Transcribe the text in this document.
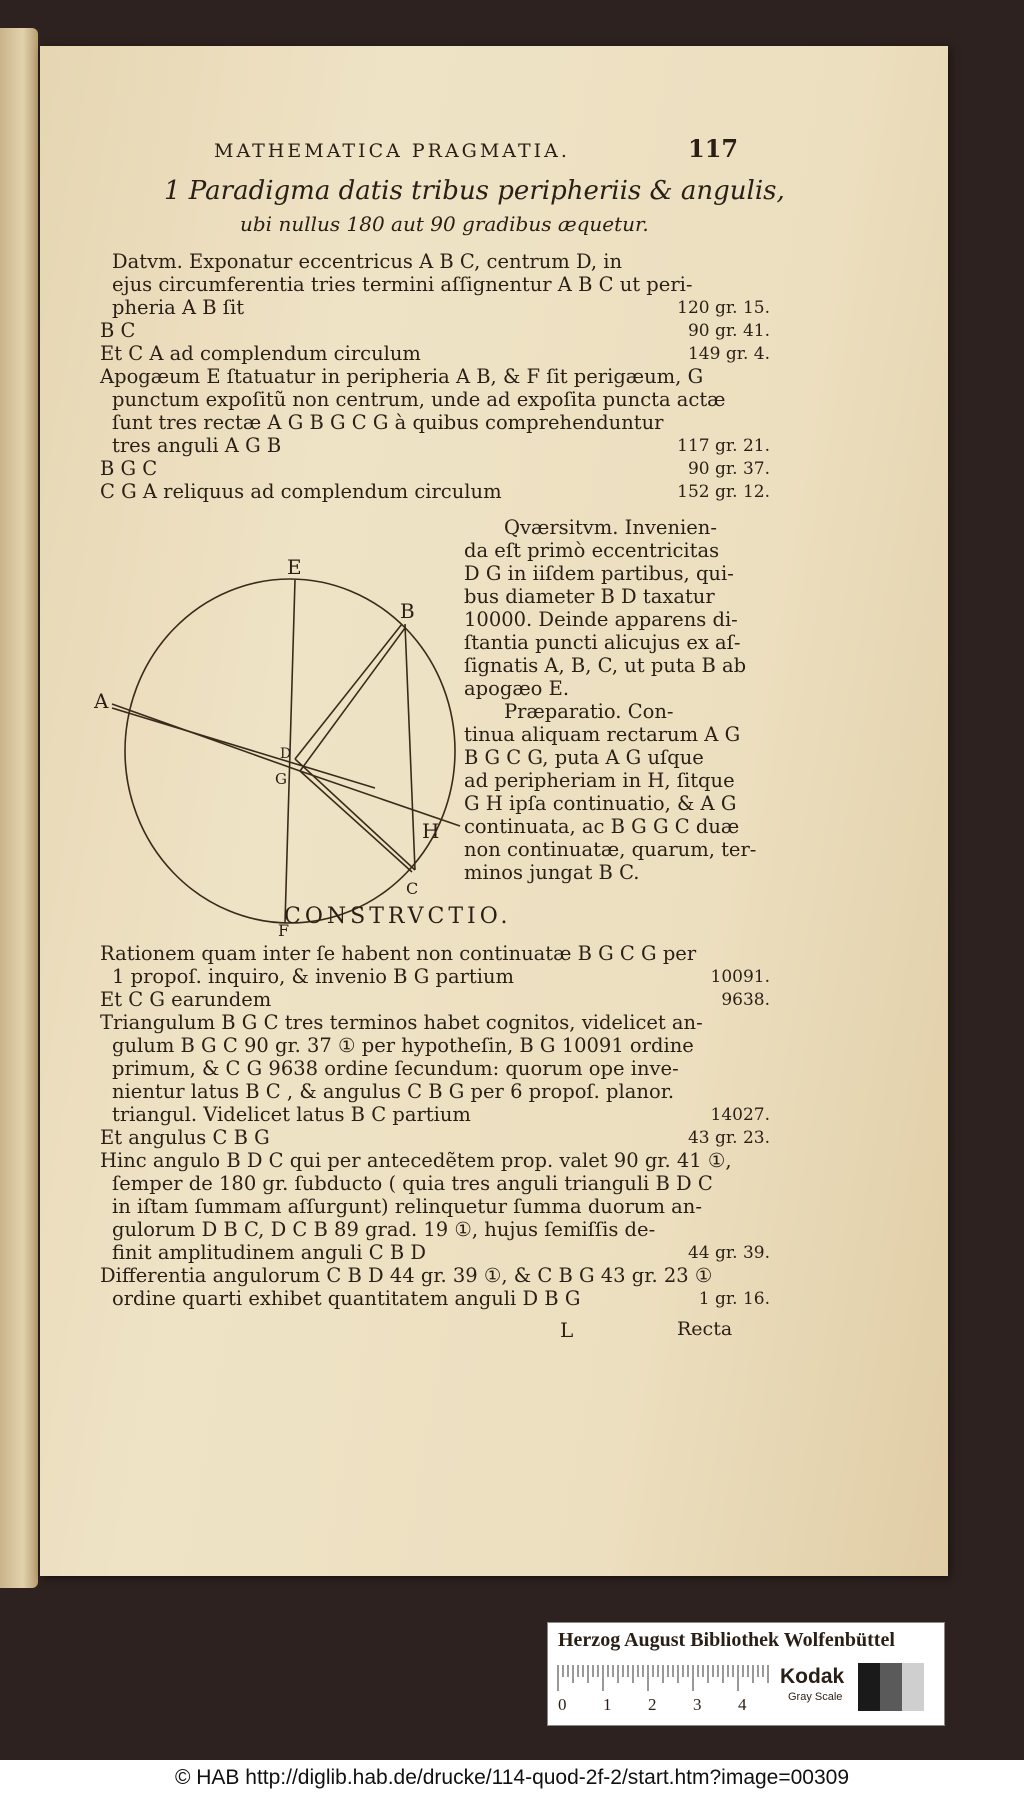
MATHEMATICA PRAGMATIA.	117
1 Paradigma datis tribus peripheriis & angulis,
ubi nullus 180 aut 90 gradibus æquetur.
Datvm. Exponatur eccentricus A B C, centrum D, in
ejus circumferentia tries termini aſſignentur A B C ut peri-
pheria A B ſit	120 gr. 15.
B C	90 gr. 41.
Et C A ad complendum circulum	149 gr. 4.
Apogæum E ſtatuatur in peripheria A B, & F ſit perigæum, G
punctum expoſitũ non centrum, unde ad expoſita puncta actæ
ſunt tres rectæ A G B G C G à quibus comprehenduntur
tres anguli A G B	117 gr. 21.
B G C	90 gr. 37.
C G A reliquus ad complendum circulum	152 gr. 12.
Qværsitvm. Invenien-
da eſt primò eccentricitas
D G in iiſdem partibus, qui-
bus diameter B D taxatur
10000. Deinde apparens di-
ſtantia puncti alicujus ex aſ-
ſignatis A, B, C, ut puta B ab
apogæo E.
Præparatio. Con-
tinua aliquam rectarum A G
B G C G, puta A G uſque
ad peripheriam in H, ſitque
G H ipſa continuatio, & A G
continuata, ac B G G C duæ
non continuatæ, quarum, ter-
minos jungat B C.
E
B
A
D
G
H
C
F
CONSTRVCTIO.
Rationem quam inter ſe habent non continuatæ B G C G per
1 propoſ. inquiro, & invenio B G partium	10091.
Et C G earundem	9638.
Triangulum B G C tres terminos habet cognitos, videlicet an-
gulum B G C 90 gr. 37 ① per hypotheſin, B G 10091 ordine
primum, & C G 9638 ordine ſecundum: quorum ope inve-
nientur latus B C , & angulus C B G per 6 propoſ. planor.
triangul. Videlicet latus B C partium	14027.
Et angulus C B G	43 gr. 23.
Hinc angulo B D C qui per antecedẽtem prop. valet 90 gr. 41 ①,
ſemper de 180 gr. ſubducto ( quia tres anguli trianguli B D C
in iſtam ſummam aſſurgunt) relinquetur ſumma duorum an-
gulorum D B C, D C B 89 grad. 19 ①, hujus ſemiſſis de-
finit amplitudinem anguli C B D	44 gr. 39.
Differentia angulorum C B D 44 gr. 39 ①, & C B G 43 gr. 23 ①
ordine quarti exhibet quantitatem anguli D B G	1 gr. 16.
L	Recta
Herzog August Bibliothek Wolfenbüttel
0 1 2 3 4
Kodak
Gray Scale
© HAB http://diglib.hab.de/drucke/114-quod-2f-2/start.htm?image=00309
